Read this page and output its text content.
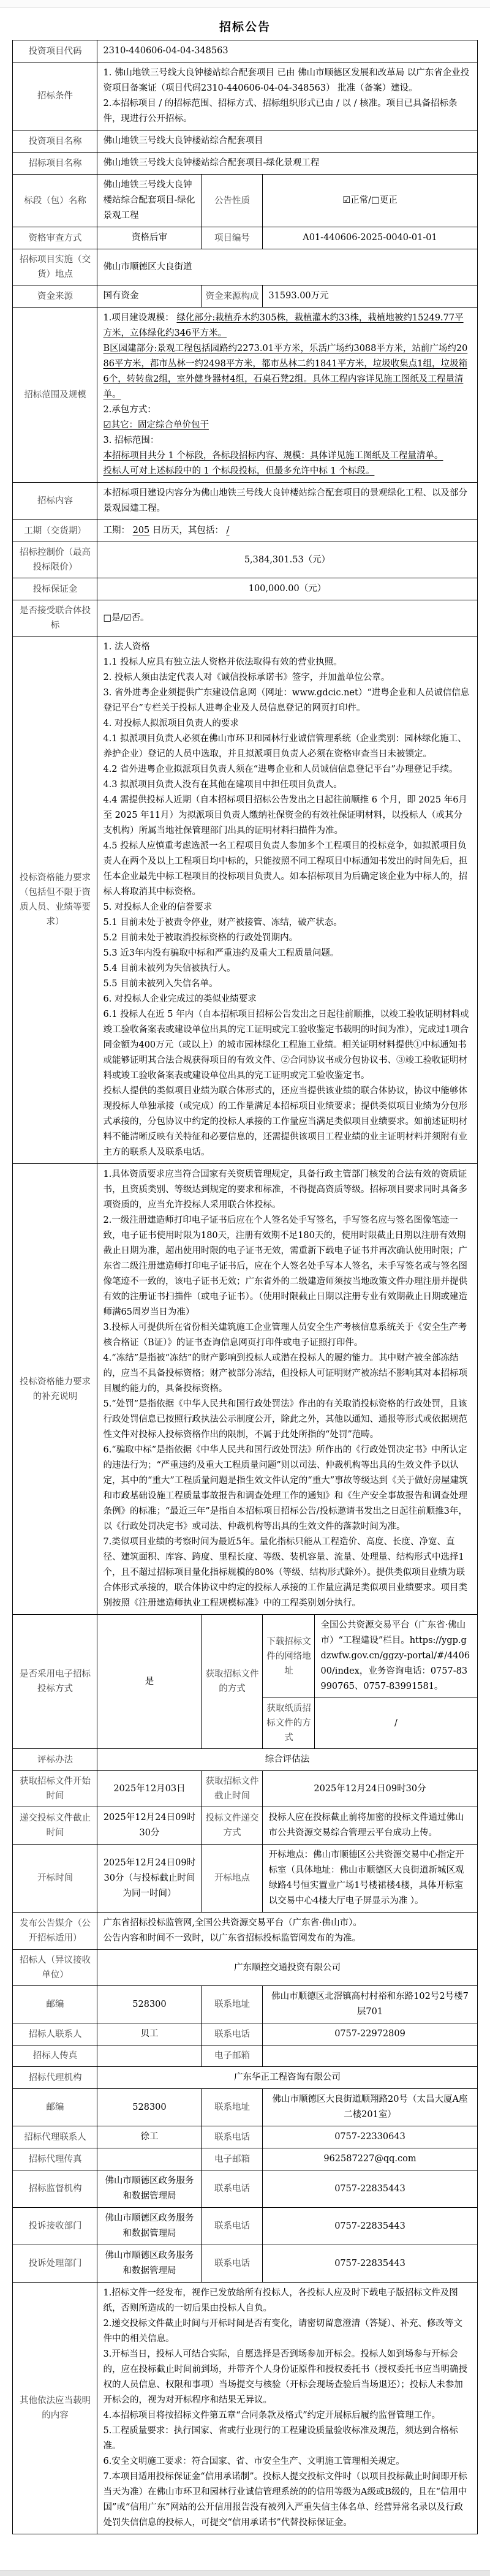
招标公告
投资项目代码	2310-440606-04-04-348563			
招标条件	1. 佛山地铁三号线大良钟楼站综合配套项目 已由 佛山市顺德区发展和改革局 以广东省企业投资项目备案证（项目代码2310-440606-04-04-348563） 批准（备案）建设。

2.本招标项目 / 的招标范围、招标方式、招标组织形式已由 / 以 / 核准。项目已具备招标条件，现进行公开招标。			

投资项目名称	佛山地铁三号线大良钟楼站综合配套项目			
招标项目名称	佛山地铁三号线大良钟楼站综合配套项目-绿化景观工程			
标段（包）名称	佛山地铁三号线大良钟楼站综合配套项目-绿化景观工程	公告性质	☑正常/□更正	
资格审查方式	资格后审	项目编号	A01-440606-2025-0040-01-01	
招标项目实施（交货）地点	佛山市顺德区大良街道			
资金来源	国有资金	资金来源构成	31593.00万元	
招标范围及规模	

1.项目建设规模： 绿化部分:栽植乔木约305株，栽植灌木约33株，栽植地被约15249.77平方米，立体绿化约346平方米。

B区园建部分:景观工程包括园路约2273.01平方米，乐活广场约3088平方米，站前广场约2086平方米，都市丛林一约2498平方米，都市丛林二约1841平方米，垃圾收集点1组，垃圾箱 6个，转转盘2组，室外健身器材4组，石桌石凳2组。具体工程内容详见施工图纸及工程量清单。

2.承包方式：

☑其它：固定综合单价包干

3. 招标范围：

本招标项目共分 1 个标段，各标段招标内容、规模：具体详见施工图纸及工程量清单。

投标人可对上述标段中的 1 个标段投标，但最多允许中标 1 个标段。

招标内容	本招标项目建设内容分为佛山地铁三号线大良钟楼站综合配套项目的景观绿化工程、以及部分景观园建工程。			
工期（交货期）	工期： 205 日历天，其包括： /			

招标控制价（最高投标限价）	5,384,301.53（元）			
投标保证金	100,000.00（元）			
是否接受联合体投标	□是/☑否。			
投标资格能力要求（包括但不限于资质人员、业绩等要求）	

1. 法人资格

1.1 投标人应具有独立法人资格并依法取得有效的营业执照。

2. 投标人须由法定代表人对《诚信投标承诺书》签字，并加盖单位公章。

3. 省外进粤企业须提供广东建设信息网（网址：www.gdcic.net）“进粤企业和人员诚信信息登记平台”专栏关于投标人进粤企业及人员信息登记的网页打印件。

4. 对投标人拟派项目负责人的要求

4.1 拟派项目负责人必须在佛山市环卫和园林行业诚信管理系统（企业类别：园林绿化施工、养护企业）登记的人员中选取，并且拟派项目负责人必须在资格审查当日未被锁定。

4.2 省外进粤企业拟派项目负责人须在“进粤企业和人员诚信信息登记平台”办理登记手续。

4.3 拟派项目负责人没有在其他在建项目中担任项目负责人。

4.4 需提供投标人近期（自本招标项目招标公告发出之日起往前顺推 6 个月，即 2025 年6月至 2025 年11月）为拟派项目负责人缴纳社保资金的有效社保证明材料，以投标人（或其分支机构）所属当地社保管理部门出具的证明材料扫描件为准。

4.5 投标人应慎重考虑选派一名工程项目负责人参加多个工程项目的投标竞争，如拟派项目负责人在两个及以上工程项目均中标的，只能按照不同工程项目中标通知书发出的时间先后，担任本企业最先中标工程项目的投标项目负责人。如本招标项目为后确定该企业为中标人的，招标人将取消其中标资格。

5. 对投标人企业的信誉要求

5.1 目前未处于被责令停业，财产被接管、冻结，破产状态。

5.2 目前未处于被取消投标资格的行政处罚期内。

5.3 近3年内没有骗取中标和严重违约及重大工程质量问题。

5.4 目前未被列为失信被执行人。

5.5 目前未被列入失信名单。

6. 对投标人企业完成过的类似业绩要求

6.1 投标人在近 5 年内（自本招标项目招标公告发出之日起往前顺推，以竣工验收证明材料或竣工验收备案表或建设单位出具的完工证明或完工验收鉴定书载明的时间为准），完成过1项合同金额为400万元（或以上）的城市园林绿化工程施工业绩。相关证明材料提供①中标通知书或能够证明其合法合规获得项目的有效文件、②合同协议书或分包协议书、③竣工验收证明材料或竣工验收备案表或建设单位出具的完工证明或完工验收鉴定书。

投标人提供的类似项目业绩为联合体形式的，还应当提供该业绩的联合体协议，协议中能够体现投标人单独承接（或完成）的工作量满足本招标项目业绩要求；提供类似项目业绩为分包形式承接的，分包协议中约定的投标人承接的工作量应当满足类似项目业绩要求。如前述证明材料不能清晰反映有关特征和必要信息的，还需提供该项目工程业绩的业主证明材料并须附有业主方的联系人及联系电话。

投标资格能力要求的补充说明	

1.具体资质要求应当符合国家有关资质管理规定，具备行政主管部门核发的合法有效的资质证书，且资质类别、等级达到规定的要求和标准，不得提高资质等级。招标项目要求同时具备多项资质的，应当允许投标人采用联合体投标。

2.一级注册建造师打印电子证书后应在个人签名处手写签名，手写签名应与签名图像笔迹一致，电子证书使用时限为180天，注册有效期不足180天的，使用时限截止日期以注册有效期截止日期为准，超出使用时限的电子证书无效，需重新下载电子证书并再次确认使用时限；广东省二级注册建造师打印电子证书后，应在个人签名处手写本人签名，未手写签名或与签名图像笔迹不一致的，该电子证书无效；广东省外的二级建造师须按当地政策文件办理注册并提供有效的注册证书扫描件（或电子证书）。（使用时限截止日期以注册专业有效期截止日期或建造师满65周岁当日为准）

3.投标人可提供所在省份相关建筑施工企业管理人员安全生产考核信息系统关于《安全生产考核合格证（B证）》的证书查询信息网页打印件或电子证照打印件。

4.“冻结”是指被“冻结”的财产影响到投标人或潜在投标人的履约能力。其中财产被全部冻结的，应当不具备投标资格；财产被部分冻结，但投标人可证明财产被冻结不影响其对本招标项目履约能力的，具备投标资格。

5.“处罚”是指依据《中华人民共和国行政处罚法》作出的有关取消投标资格的行政处罚，且该行政处罚信息已按照行政执法公示制度公开，除此之外，其他以通知、通报等形式或依据规范性文件对投标人投标资格作出的限制，不属于此处所指的“处罚”范畴。

6.“骗取中标”是指依据《中华人民共和国行政处罚法》所作出的《行政处罚决定书》中所认定的违法行为；“严重违约及重大工程质量问题”则以司法、仲裁机构等出具的生效文件予以认定，其中的“重大”工程质量问题是指生效文件认定的“重大”事故等级达到《关于做好房屋建筑和市政基础设施工程质量事故报告和调查处理工作的通知》和《生产安全事故报告和调查处理条例》的标准；“最近三年”是指自本招标项目招标公告/投标邀请书发出之日起往前顺推3年，以《行政处罚决定书》或司法、仲裁机构等出具的生效文件的落款时间为准。

7.类似项目业绩的考察时间为最近5年。量化指标只能从工程造价、高度、长度、净宽、直径、建筑面积、库容、跨度、里程长度、等级、装机容量、流量、处理量、结构形式中选择1个，且不超过招标项目量化指标规模的80%（等级、结构形式除外）。提供类似项目业绩为联合体形式承接的，联合体协议中约定的投标人承接的工作量应满足类似项目业绩要求。项目类别按照《注册建造师执业工程规模标准》中的工程类别划分执行。

是否采用电子招标投标方式	是	获取招标文件的方式	下载招标文件的网络地址	全国公共资源交易平台（广东省·佛山市）“工程建设”栏目。https://ygp.gdzwfw.gov.cn/ggzy-portal/#/440600/index，业务咨询电话：0757-83990765、0757-83991581。
			获取纸质招标文件的方式	/
评标办法	综合评估法			
获取招标文件开始时间	2025年12月03日	获取招标文件截止时间	2025年12月24日09时30分	
递交投标文件截止时间	2025年12月24日09时30分	投标文件递交方式	投标人应在投标截止前将加密的投标文件通过佛山市公共资源交易综合管理云平台成功上传。	
开标时间	2025年12月24日09时30分（与投标截止时间为同一时间）	开标地点	开标地点：佛山市顺德区公共资源交易中心指定开标室（具体地址：佛山市顺德区大良街道新城区观绿路4号恒实置业广场1号楼裙楼4楼，具体开标室以交易中心4楼大厅电子屏显示为准 ）。	
发布公告媒介（公开招标适用）	广东省招标投标监管网,全国公共资源交易平台（广东省·佛山市）。

公告内容和时间不一致时，以广东省招标投标监管网发布的为准。			

招标人（异议接收单位）	广东顺控交通投资有限公司			
邮编	528300	联系地址	佛山市顺德区北滘镇高村村裕和东路102号2号楼7层701	
招标人联系人	贝工	联系电话	0757-22972809	
招标人传真		电子邮箱		
招标代理机构	广东华正工程咨询有限公司			
邮编	528300	联系地址	佛山市顺德区大良街道顺翔路20号（太昌大厦A座二楼201室）	
招标代理联系人	徐工	联系电话	0757-22330643	
招标代理传真		电子邮箱	962587227@qq.com	
招标监督机构	佛山市顺德区政务服务和数据管理局	联系电话	0757-22835443	
投诉接收部门	佛山市顺德区政务服务和数据管理局	联系电话	0757-22835443	
投诉处理部门	佛山市顺德区政务服务和数据管理局	联系电话	0757-22835443	
其他依法应当载明的内容	

1.招标文件一经发布，视作已发放给所有投标人，各投标人应及时下载电子版招标文件及图纸，否则所造成的一切后果由投标人自负。

2.递交投标文件截止时间与开标时间是否有变化，请密切留意澄清（答疑）、补充、修改等文件中的相关信息。

3.开标当日，投标人可结合实际，自愿选择是否到场参加开标会。投标人如到场参与开标会的，应在投标截止时间前到场，并带齐个人身份证原件和授权委托书（授权委托书应当明确授权的人员信息、权限和事项）当场提交与核验（开标会现场查验后当场退还）；投标人未参加开标会的，视为对开标程序和结果无异议。

4.本招标项目将按招标文件第五章“合同条款及格式”约定开展标后履约监督管理工作。

5.工程质量要求：执行国家、省或行业现行的工程建设质量验收标准及规范，须达到合格标准。

6.安全文明施工要求：符合国家、省、市安全生产、文明施工管理相关规定。

7.本项目适用投标保证金“信用承诺制”。投标人提交投标文件时（以项目投标截止时间即开标当天为准）在佛山市环卫和园林行业诚信管理系统的的信用等级为A级或B级的，且在“信用中国”或“信用广东”网站的公开信用报告没有被列入严重失信主体名单、经营异常名录以及行政处罚失信信息的投标人，可提交“信用承诺书”代替投标保证金。
